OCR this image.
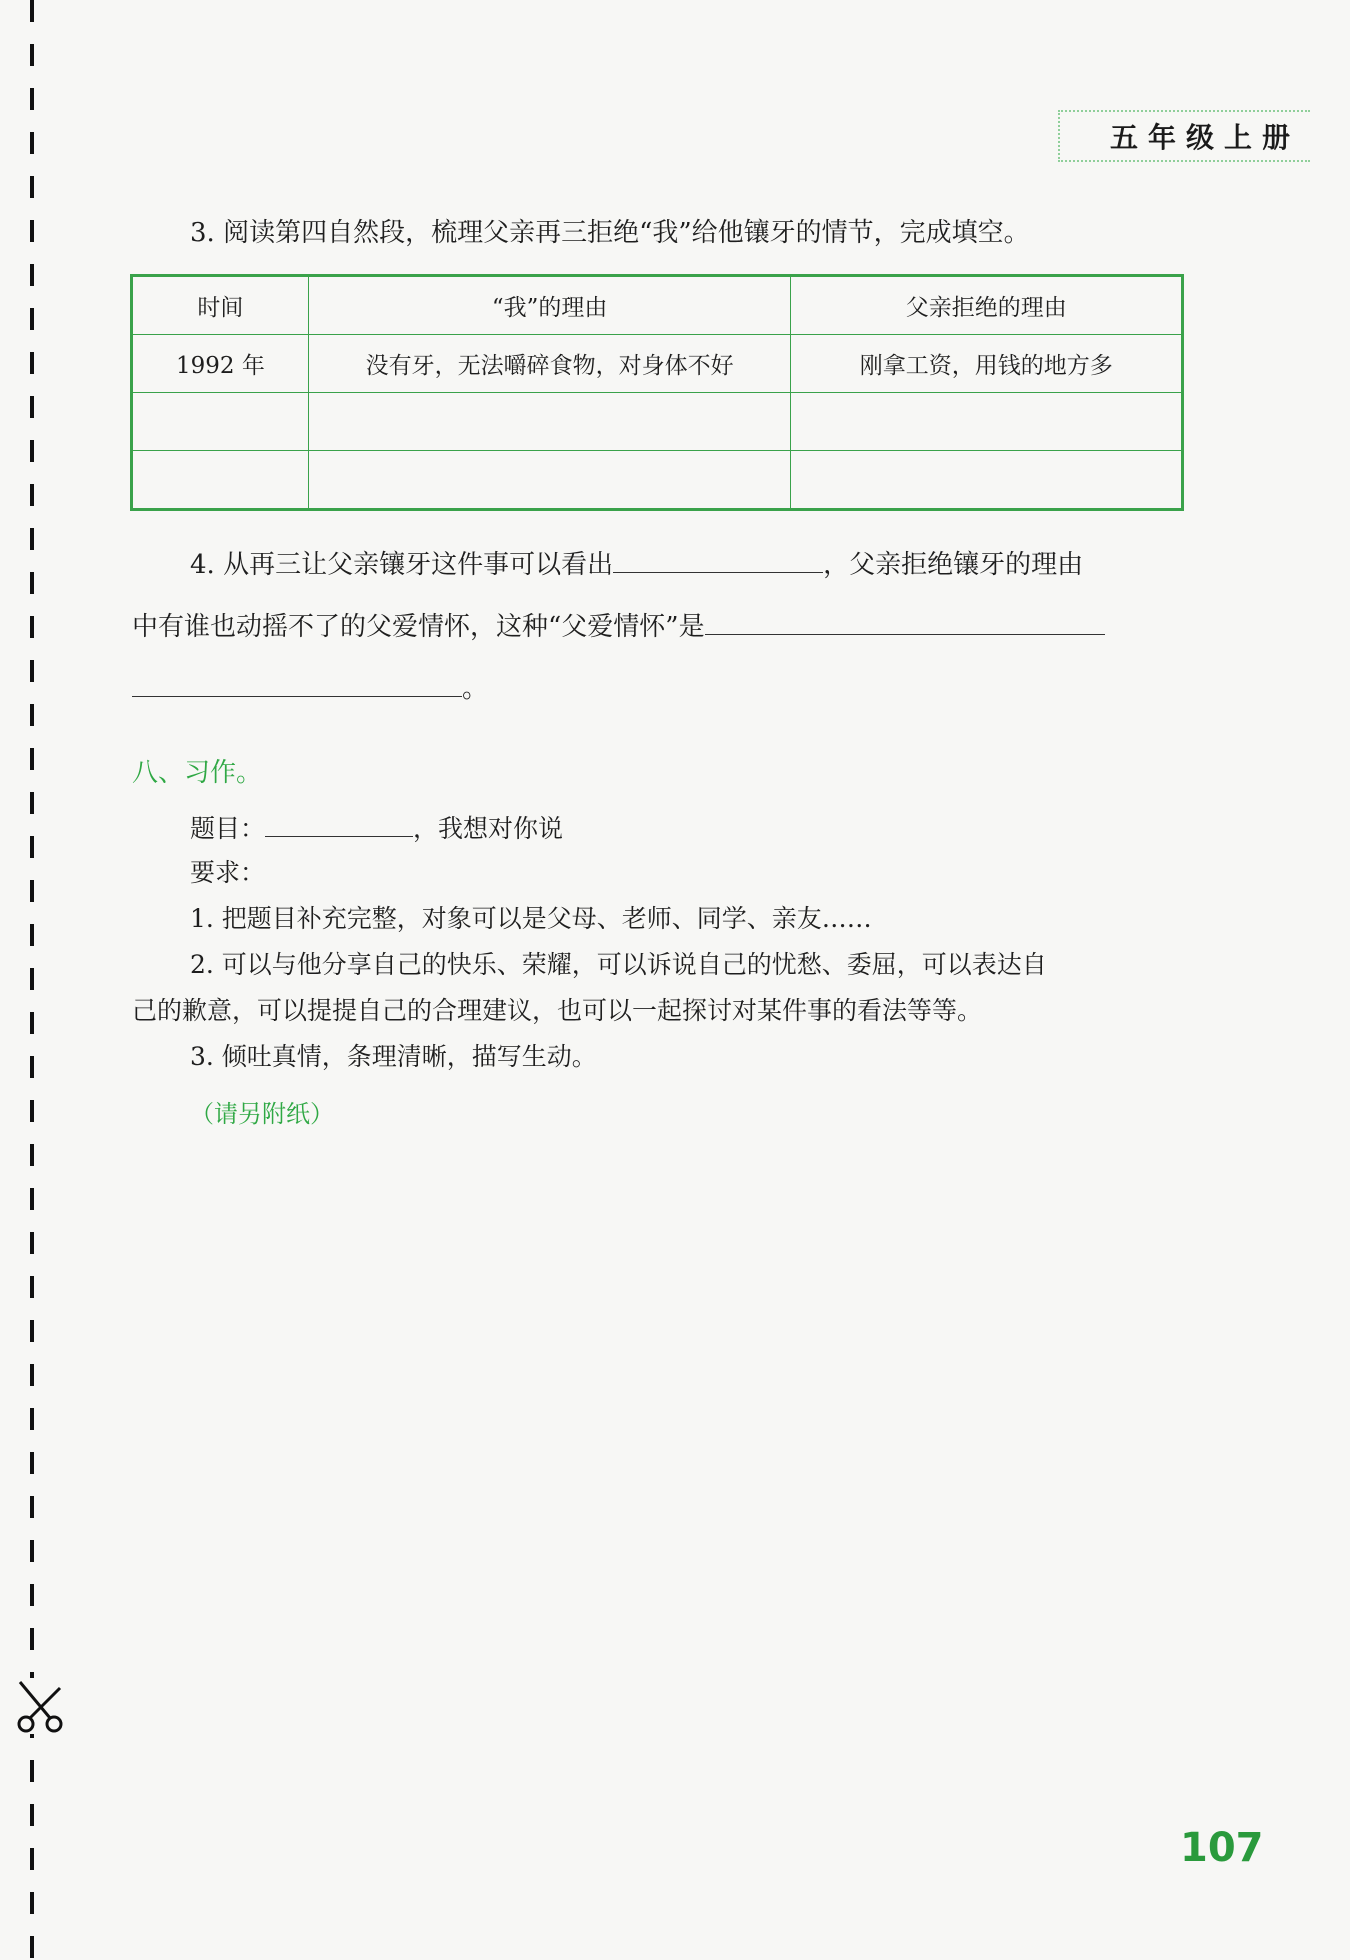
五年级上册
3. 阅读第四自然段，梳理父亲再三拒绝“我”给他镶牙的情节，完成填空。
时间	“我”的理由	父亲拒绝的理由
1992 年	没有牙，无法嚼碎食物，对身体不好	刚拿工资，用钱的地方多

4. 从再三让父亲镶牙这件事可以看出	，父亲拒绝镶牙的理由
中有谁也动摇不了的父爱情怀，这种“父爱情怀”是
。
八、习作。
题目：	，我想对你说
要求：
1. 把题目补充完整，对象可以是父母、老师、同学、亲友……
2. 可以与他分享自己的快乐、荣耀，可以诉说自己的忧愁、委屈，可以表达自
己的歉意，可以提提自己的合理建议，也可以一起探讨对某件事的看法等等。
3. 倾吐真情，条理清晰，描写生动。
（请另附纸）
107
